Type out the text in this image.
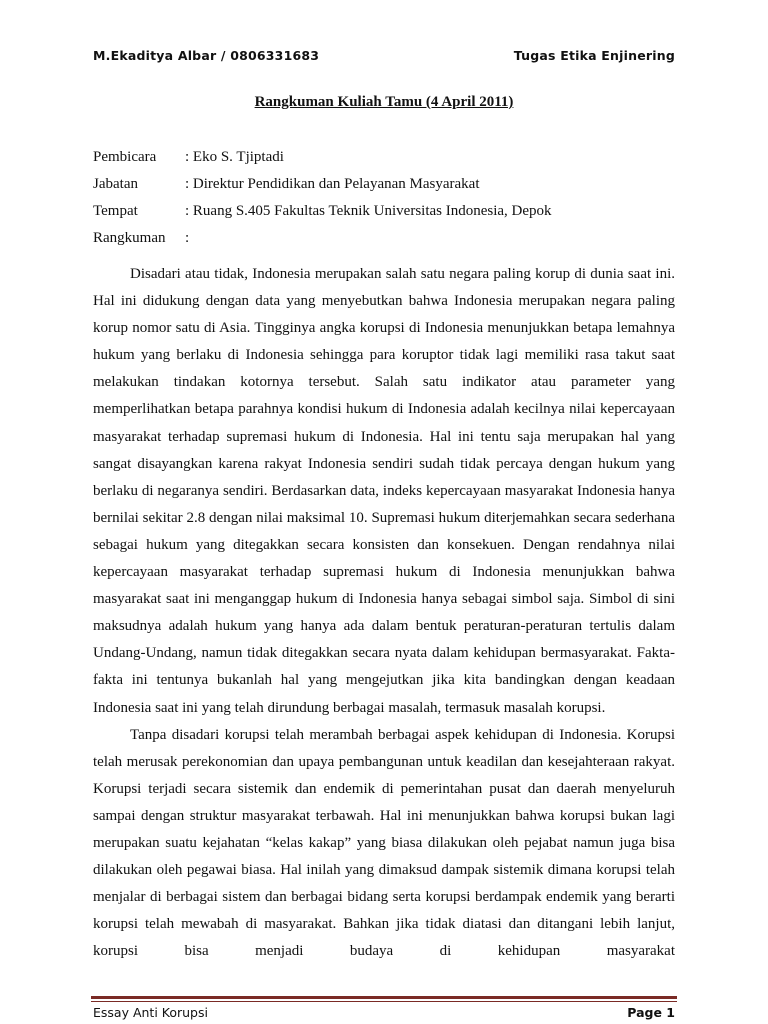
M.Ekaditya Albar / 0806331683	Tugas Etika Enjinering
Rangkuman Kuliah Tamu (4 April 2011)
Pembicara	: Eko S. Tjiptadi
Jabatan	: Direktur Pendidikan dan Pelayanan Masyarakat
Tempat	: Ruang S.405 Fakultas Teknik Universitas Indonesia, Depok
Rangkuman	:

Disadari atau tidak, Indonesia merupakan salah satu negara paling korup di dunia saat ini. Hal ini didukung dengan data yang menyebutkan bahwa Indonesia merupakan negara paling korup nomor satu di Asia. Tingginya angka korupsi di Indonesia menunjukkan betapa lemahnya hukum yang berlaku di Indonesia sehingga para koruptor tidak lagi memiliki rasa takut saat melakukan tindakan kotornya tersebut. Salah satu indikator atau parameter yang memperlihatkan betapa parahnya kondisi hukum di Indonesia adalah kecilnya nilai kepercayaan masyarakat terhadap supremasi hukum di Indonesia. Hal ini tentu saja merupakan hal yang sangat disayangkan karena rakyat Indonesia sendiri sudah tidak percaya dengan hukum yang berlaku di negaranya sendiri. Berdasarkan data, indeks kepercayaan masyarakat Indonesia hanya bernilai sekitar 2.8 dengan nilai maksimal 10. Supremasi hukum diterjemahkan secara sederhana sebagai hukum yang ditegakkan secara konsisten dan konsekuen. Dengan rendahnya nilai kepercayaan masyarakat terhadap supremasi hukum di Indonesia menunjukkan bahwa masyarakat saat ini menganggap hukum di Indonesia hanya sebagai simbol saja. Simbol di sini maksudnya adalah hukum yang hanya ada dalam bentuk peraturan-peraturan tertulis dalam Undang-Undang, namun tidak ditegakkan secara nyata dalam kehidupan bermasyarakat. Fakta-fakta ini tentunya bukanlah hal yang mengejutkan jika kita bandingkan dengan keadaan Indonesia saat ini yang telah dirundung berbagai masalah, termasuk masalah korupsi.

Tanpa disadari korupsi telah merambah berbagai aspek kehidupan di Indonesia. Korupsi telah merusak perekonomian dan upaya pembangunan untuk keadilan dan kesejahteraan rakyat. Korupsi terjadi secara sistemik dan endemik di pemerintahan pusat dan daerah menyeluruh sampai dengan struktur masyarakat terbawah. Hal ini menunjukkan bahwa korupsi bukan lagi merupakan suatu kejahatan “kelas kakap” yang biasa dilakukan oleh pejabat namun juga bisa dilakukan oleh pegawai biasa. Hal inilah yang dimaksud dampak sistemik dimana korupsi telah menjalar di berbagai sistem dan berbagai bidang serta korupsi berdampak endemik yang berarti korupsi telah mewabah di masyarakat. Bahkan jika tidak diatasi dan ditangani lebih lanjut, korupsi bisa menjadi budaya di kehidupan masyarakat

Essay Anti Korupsi	Page 1
